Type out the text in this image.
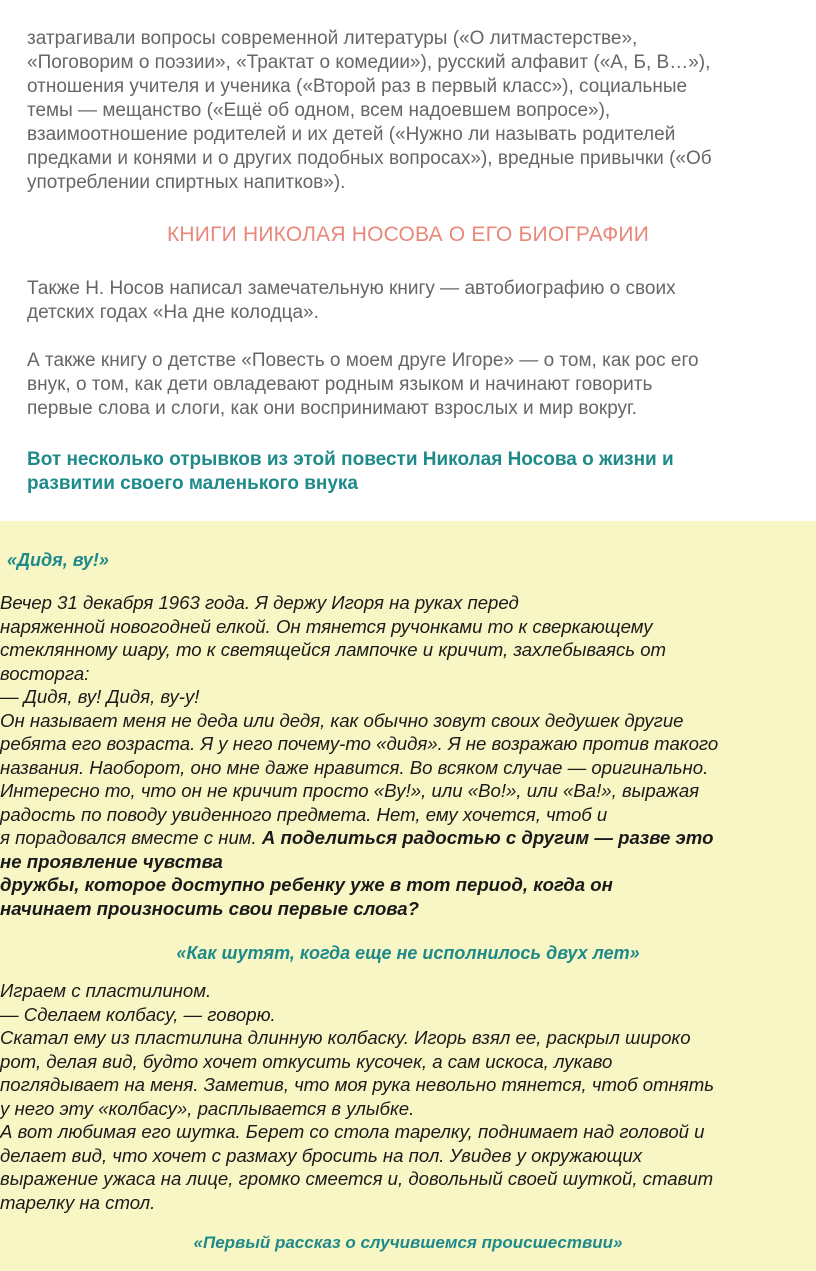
затрагивали вопросы современной литературы («О литмастерстве»,
«Поговорим о поэзии», «Трактат о комедии»), русский алфавит («А, Б, В…»),
отношения учителя и ученика («Второй раз в первый класс»), социальные
темы — мещанство («Ещё об одном, всем надоевшем вопросе»),
взаимоотношение родителей и их детей («Нужно ли называть родителей
предками и конями и о других подобных вопросах»), вредные привычки («Об
употреблении спиртных напитков»).

КНИГИ НИКОЛАЯ НОСОВА О ЕГО БИОГРАФИИ

Также Н. Носов написал замечательную книгу — автобиографию о своих
детских годах «На дне колодца».

А также книгу о детстве «Повесть о моем друге Игоре» — о том, как рос его
внук, о том, как дети овладевают родным языком и начинают говорить
первые слова и слоги, как они воспринимают взрослых и мир вокруг.

Вот несколько отрывков из этой повести Николая Носова о жизни и
развитии своего маленького внука
«Дидя, ву!»

Вечер 31 декабря 1963 года. Я держу Игоря на руках перед
наряженной новогодней елкой. Он тянется ручонками то к сверкающему
стеклянному шару, то к светящейся лампочке и кричит, захлебываясь от
восторга:
— Дидя, ву! Дидя, ву-у!
Он называет меня не деда или дедя, как обычно зовут своих дедушек другие
ребята его возраста. Я у него почему-то «дидя». Я не возражаю против такого
названия. Наоборот, оно мне даже нравится. Во всяком случае — оригинально.
Интересно то, что он не кричит просто «Ву!», или «Во!», или «Ва!», выражая
радость по поводу увиденного предмета. Нет, ему хочется, чтоб и
я порадовался вместе с ним. А поделиться радостью с другим — разве это
не проявление чувства
дружбы, которое доступно ребенку уже в тот период, когда он
начинает произносить свои первые слова?

«Как шутят, когда еще не исполнилось двух лет»

Играем с пластилином.
— Сделаем колбасу, — говорю.
Скатал ему из пластилина длинную колбаску. Игорь взял ее, раскрыл широко
рот, делая вид, будто хочет откусить кусочек, а сам искоса, лукаво
поглядывает на меня. Заметив, что моя рука невольно тянется, чтоб отнять
у него эту «колбасу», расплывается в улыбке.
А вот любимая его шутка. Берет со стола тарелку, поднимает над головой и
делает вид, что хочет с размаху бросить на пол. Увидев у окружающих
выражение ужаса на лице, громко смеется и, довольный своей шуткой, ставит
тарелку на стол.

«Первый рассказ о случившемся происшествии»
